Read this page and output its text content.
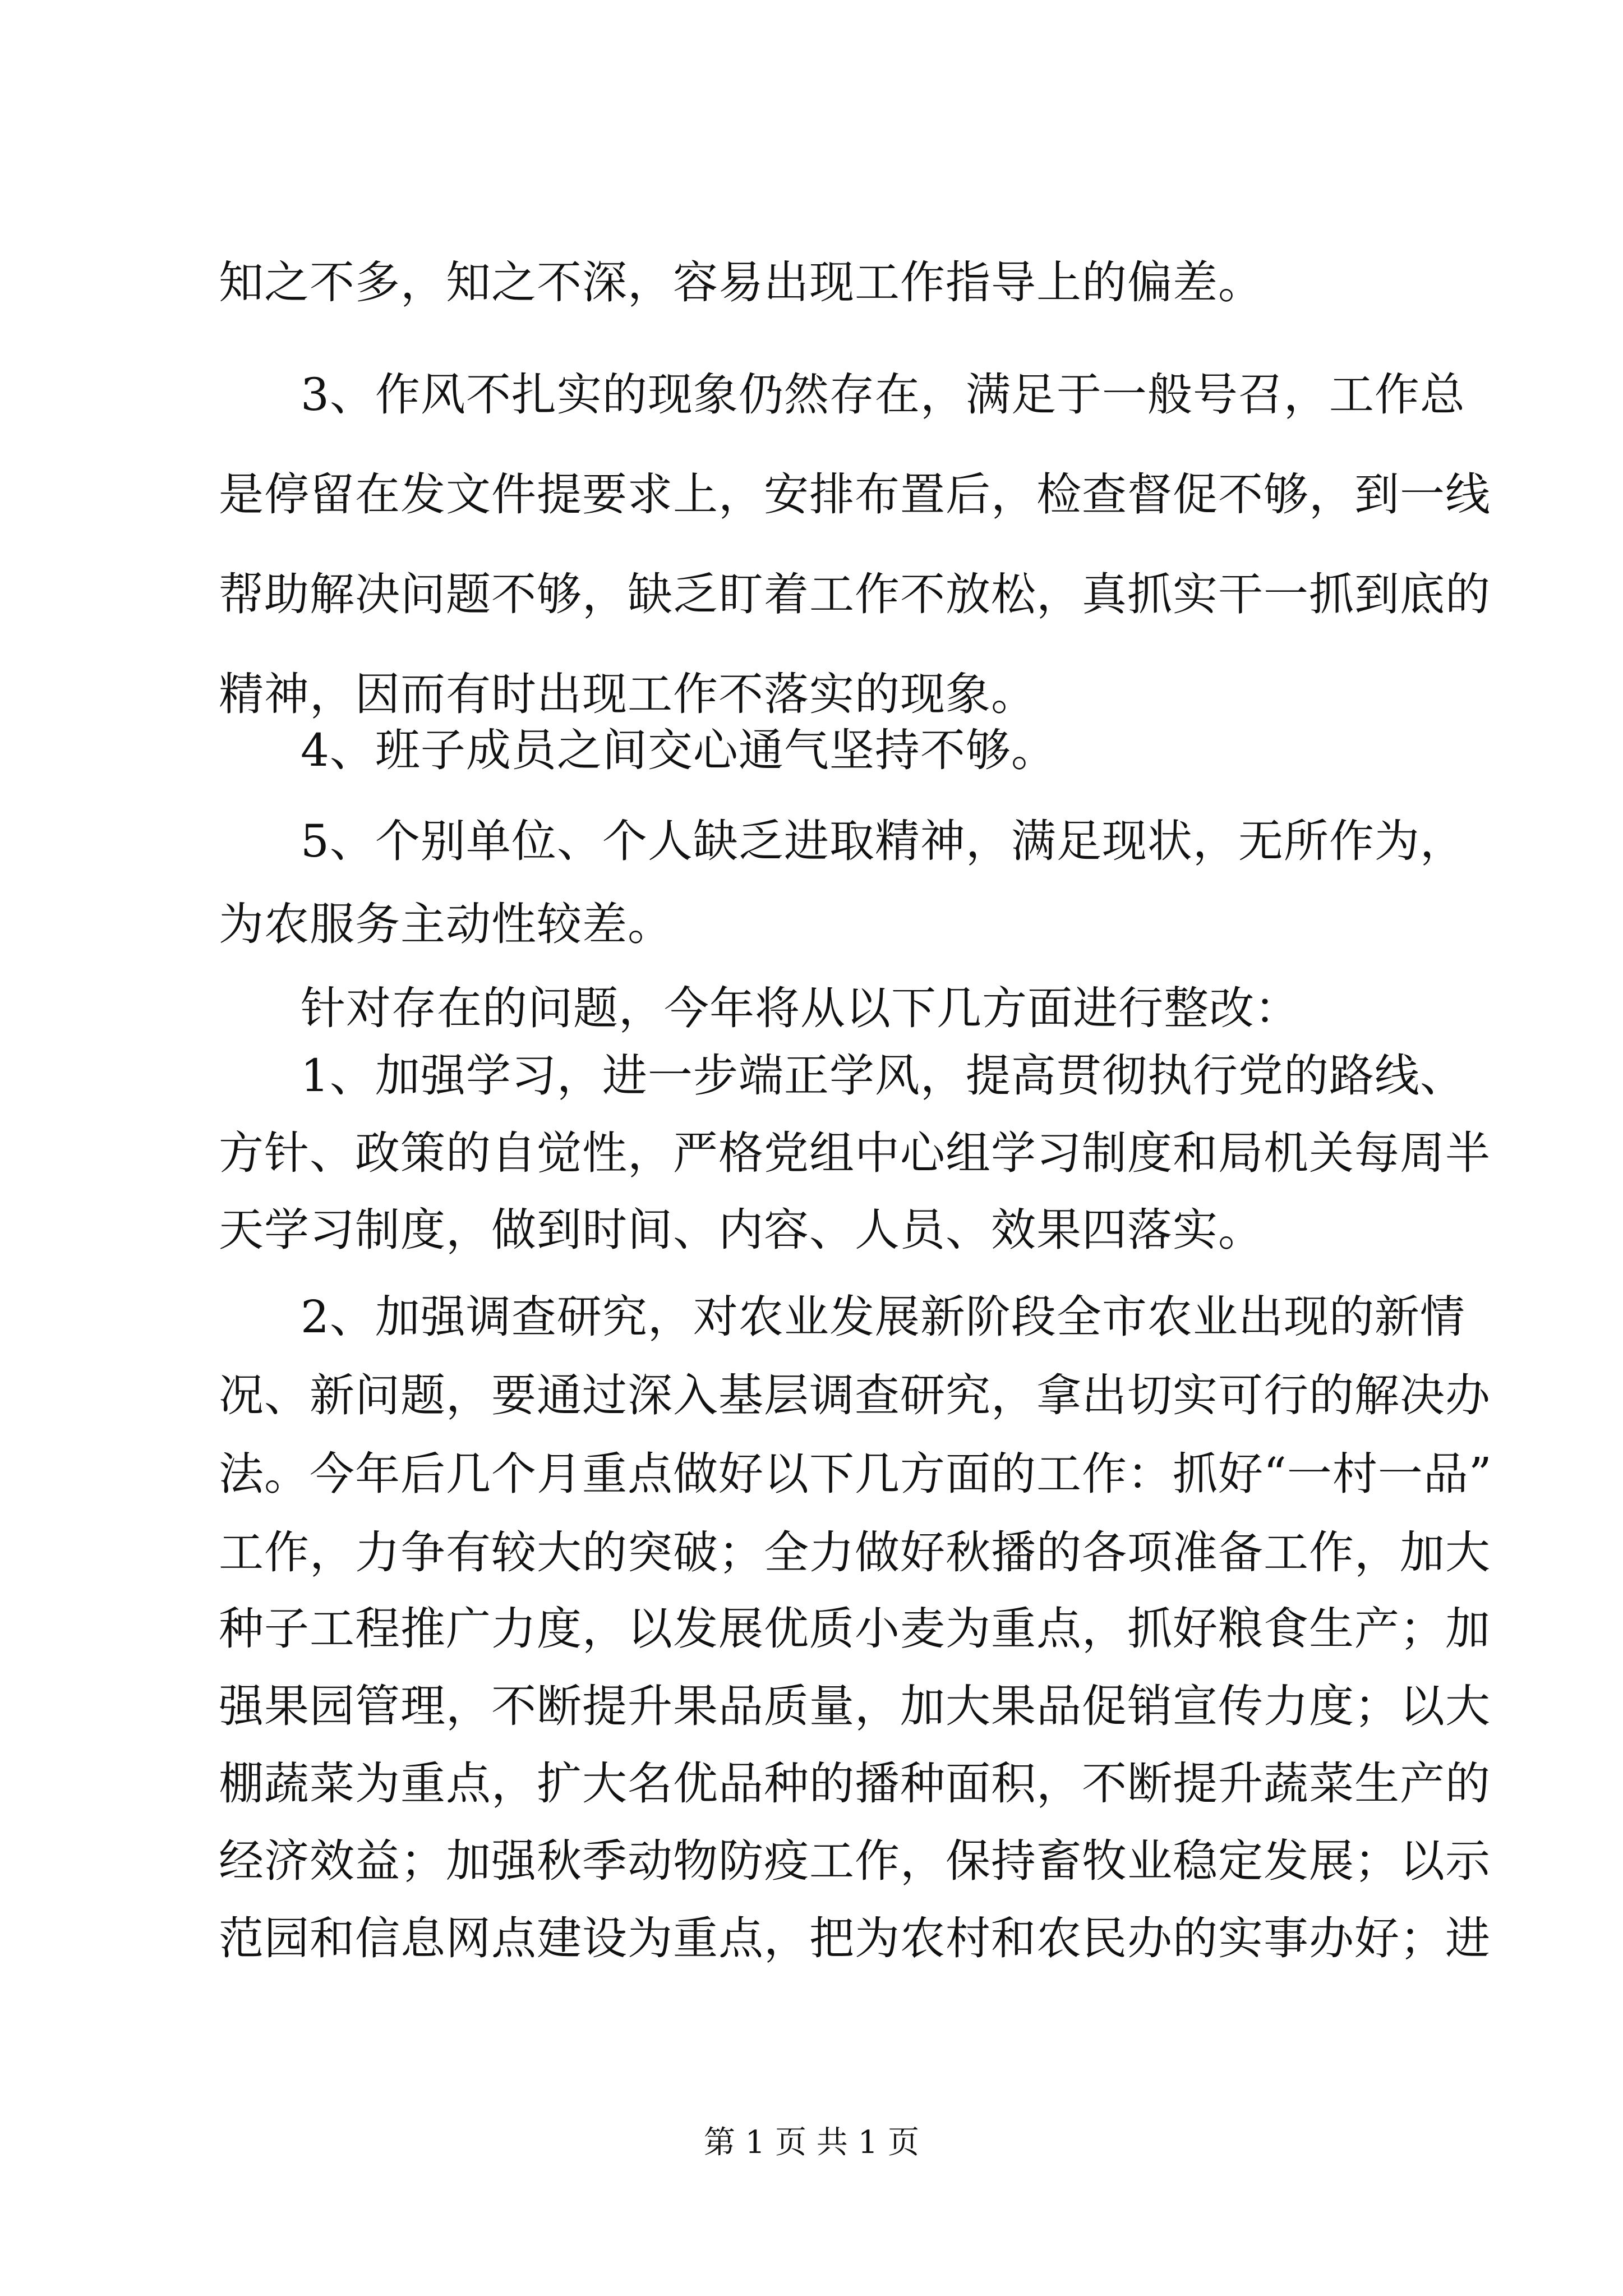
知之不多，知之不深，容易出现工作指导上的偏差。
3、作风不扎实的现象仍然存在，满足于一般号召，工作总
是停留在发文件提要求上，安排布置后，检查督促不够，到一线
帮助解决问题不够，缺乏盯着工作不放松，真抓实干一抓到底的
精神，因而有时出现工作不落实的现象。
4、班子成员之间交心通气坚持不够。
5、个别单位、个人缺乏进取精神，满足现状，无所作为，
为农服务主动性较差。
针对存在的问题，今年将从以下几方面进行整改：
1、加强学习，进一步端正学风，提高贯彻执行党的路线、
方针、政策的自觉性，严格党组中心组学习制度和局机关每周半
天学习制度，做到时间、内容、人员、效果四落实。
2、加强调查研究，对农业发展新阶段全市农业出现的新情
况、新问题，要通过深入基层调查研究，拿出切实可行的解决办
法。今年后几个月重点做好以下几方面的工作：抓好“一村一品”
工作，力争有较大的突破；全力做好秋播的各项准备工作，加大
种子工程推广力度，以发展优质小麦为重点，抓好粮食生产；加
强果园管理，不断提升果品质量，加大果品促销宣传力度；以大
棚蔬菜为重点，扩大名优品种的播种面积，不断提升蔬菜生产的
经济效益；加强秋季动物防疫工作，保持畜牧业稳定发展；以示
范园和信息网点建设为重点，把为农村和农民办的实事办好；进
第 1 页 共 1 页
